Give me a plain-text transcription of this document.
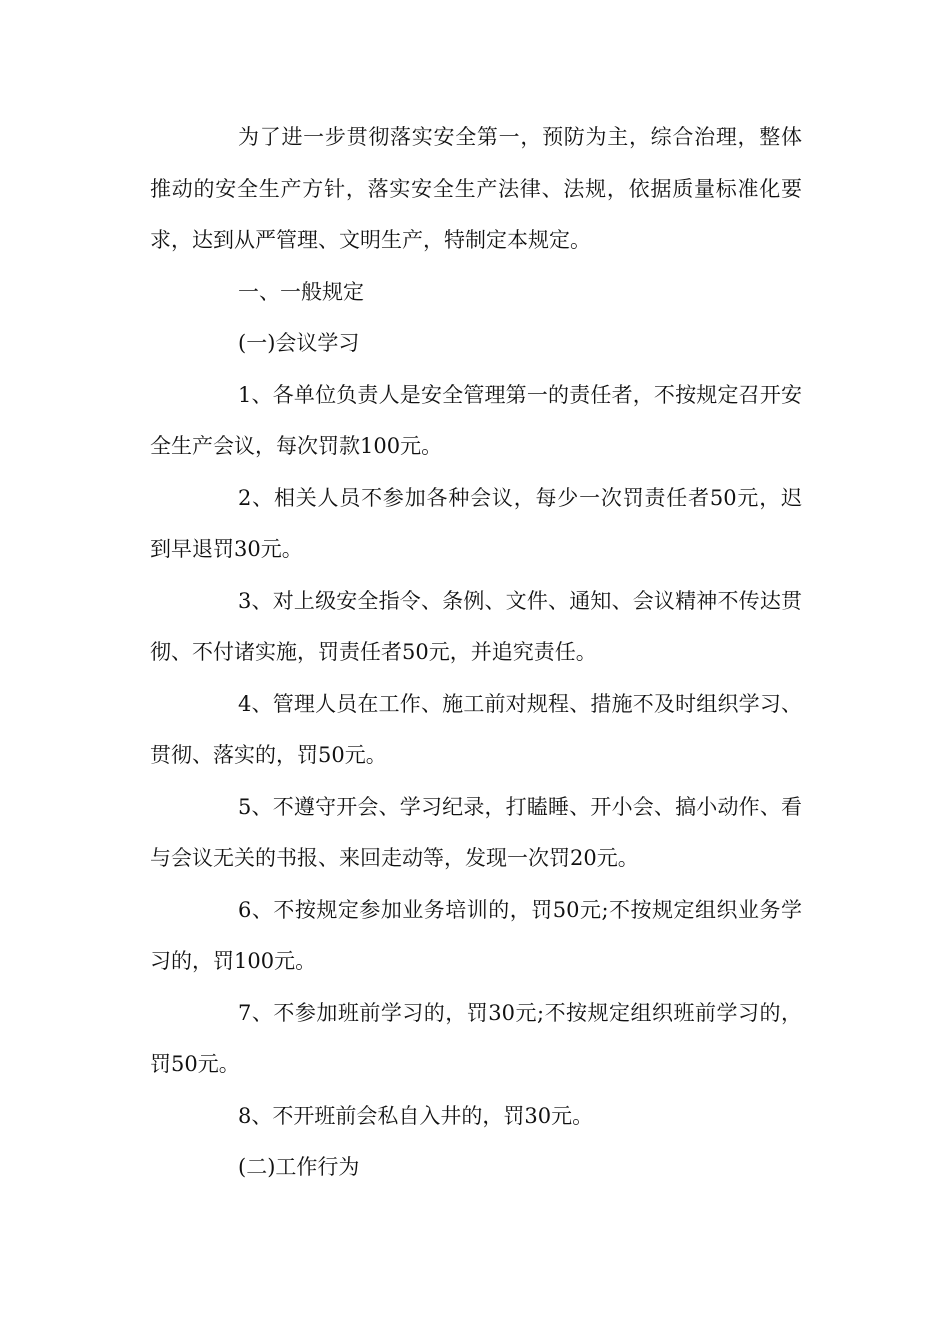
为了进一步贯彻落实安全第一，预防为主，综合治理，整体推动的安全生产方针，落实安全生产法律、法规，依据质量标准化要求，达到从严管理、文明生产，特制定本规定。

一、一般规定

(一)会议学习

1、各单位负责人是安全管理第一的责任者，不按规定召开安全生产会议，每次罚款100元。

2、相关人员不参加各种会议，每少一次罚责任者50元，迟到早退罚30元。

3、对上级安全指令、条例、文件、通知、会议精神不传达贯彻、不付诸实施，罚责任者50元，并追究责任。

4、管理人员在工作、施工前对规程、措施不及时组织学习、贯彻、落实的，罚50元。

5、不遵守开会、学习纪录，打瞌睡、开小会、搞小动作、看与会议无关的书报、来回走动等，发现一次罚20元。

6、不按规定参加业务培训的，罚50元;不按规定组织业务学习的，罚100元。

7、不参加班前学习的，罚30元;不按规定组织班前学习的，罚50元。

8、不开班前会私自入井的，罚30元。

(二)工作行为
